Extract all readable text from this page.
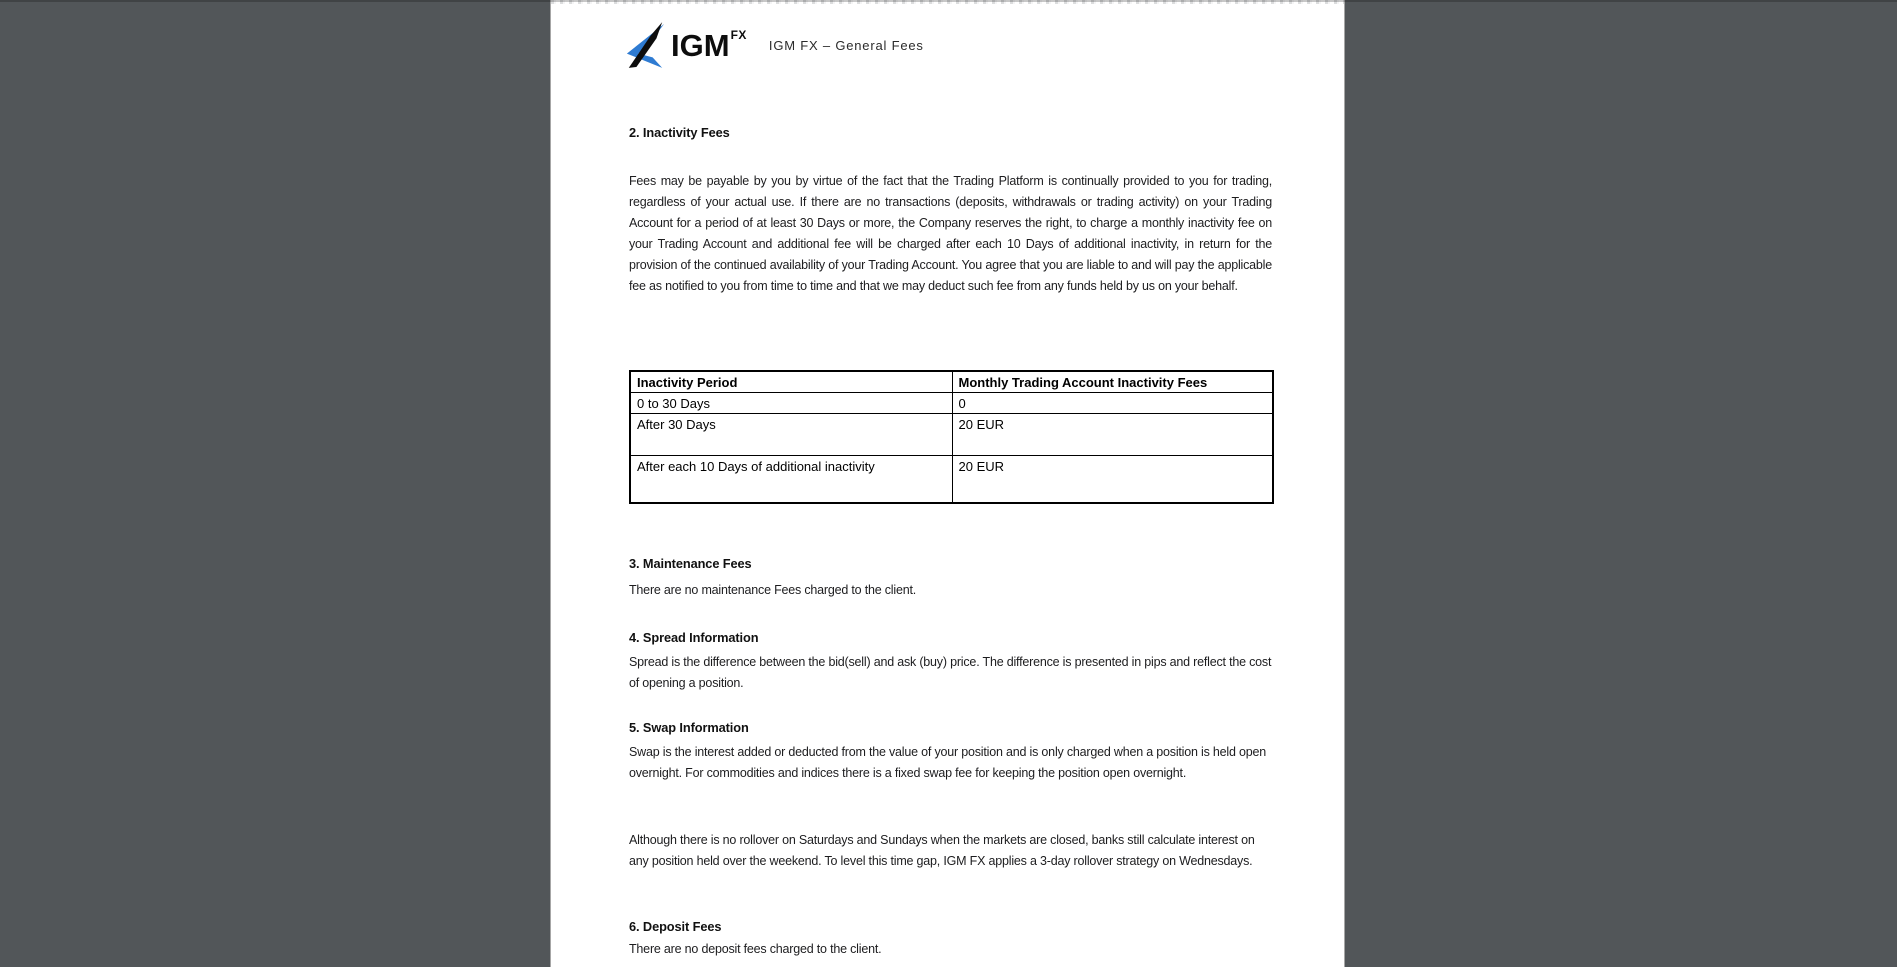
IGM FX
IGM FX – General Fees
2. Inactivity Fees

Fees may be payable by you by virtue of the fact that the Trading Platform is continually provided to you for trading, regardless of your actual use. If there are no transactions (deposits, withdrawals or trading activity) on your Trading Account for a period of at least 30 Days or more, the Company reserves the right, to charge a monthly inactivity fee on your Trading Account and additional fee will be charged after each 10 Days of additional inactivity, in return for the provision of the continued availability of your Trading Account. You agree that you are liable to and will pay the applicable fee as notified to you from time to time and that we may deduct such fee from any funds held by us on your behalf.

Inactivity Period	Monthly Trading Account Inactivity Fees
0 to 30 Days	0
After 30 Days	20 EUR
After each 10 Days of additional inactivity	20 EUR
3. Maintenance Fees

There are no maintenance Fees charged to the client.

4. Spread Information

Spread is the difference between the bid(sell) and ask (buy) price. The difference is presented in pips and reflect the cost of opening a position.

5. Swap Information

Swap is the interest added or deducted from the value of your position and is only charged when a position is held open overnight. For commodities and indices there is a fixed swap fee for keeping the position open overnight.

Although there is no rollover on Saturdays and Sundays when the markets are closed, banks still calculate interest on any position held over the weekend. To level this time gap, IGM FX applies a 3-day rollover strategy on Wednesdays.

6. Deposit Fees

There are no deposit fees charged to the client.
